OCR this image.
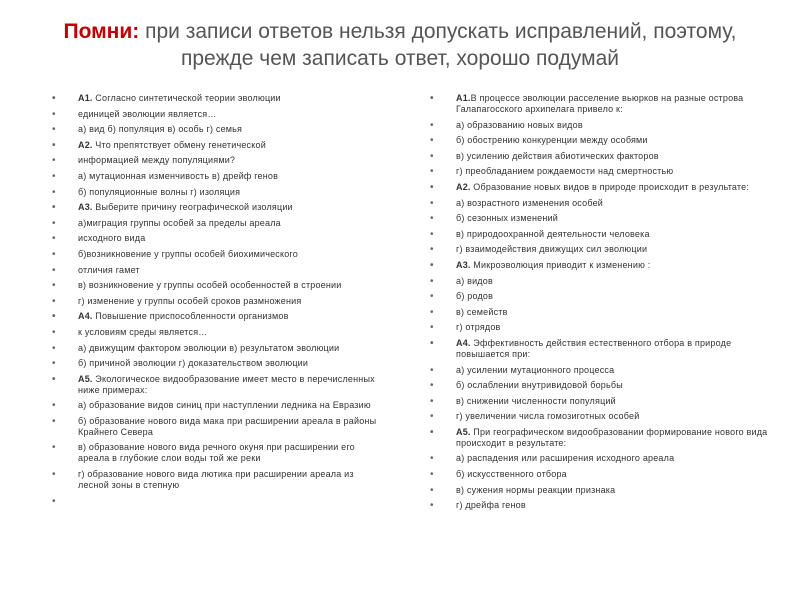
Помни: при записи ответов нельзя допускать исправлений, поэтому, прежде чем записать ответ, хорошо подумай
• А1. Согласно синтетической теории эволюции
• единицей эволюции является…
• а) вид б) популяция в) особь г) семья
• А2. Что препятствует обмену генетической
• информацией между популяциями?
• а) мутационная изменчивость в) дрейф генов
• б) популяционные волны г) изоляция
• А3. Выберите причину географической изоляции
• а)миграция группы особей за пределы ареала
• исходного вида
• б)возникновение у группы особей биохимического
• отличия гамет
• в) возникновение у группы особей особенностей в строении
• г) изменение у группы особей сроков размножения
• А4. Повышение приспособленности организмов
• к условиям среды является…
• а) движущим фактором эволюции в) результатом эволюции
• б) причиной эволюции г) доказательством эволюции
• А5. Экологическое видообразование имеет место в перечисленных ниже примерах:
• а) образование видов синиц при наступлении ледника на Евразию
• б) образование нового вида мака при расширении ареала в районы Крайнего Севера
• в) образование нового вида речного окуня при расширении его ареала в глубокие слои воды той же реки
• г) образование нового вида лютика при расширении ареала из лесной зоны в степную
• А1.В процессе эволюции расселение вьюрков на разные острова Галапагосского архипелага привело к:
• а) образованию новых видов
• б) обострению конкуренции между особями
• в) усилению действия абиотических факторов
• г) преобладанием рождаемости над смертностью
• А2. Образование новых видов в природе происходит в результате:
• а) возрастного изменения особей
• б) сезонных изменений
• в) природоохранной деятельности человека
• г) взаимодействия движущих сил эволюции
• А3. Микроэволюция приводит к изменению :
• а) видов
• б) родов
• в) семейств
• г) отрядов
• А4. Эффективность действия естественного отбора в природе повышается при:
• а) усилении мутационного процесса
• б) ослаблении внутривидовой борьбы
• в) снижении численности популяций
• г) увеличении числа гомозиготных особей
• А5. При географическом видообразовании формирование нового вида происходит в результате:
• а) распадения или расширения исходного ареала
• б) искусственного отбора
• в) сужения нормы реакции признака
• г) дрейфа генов
